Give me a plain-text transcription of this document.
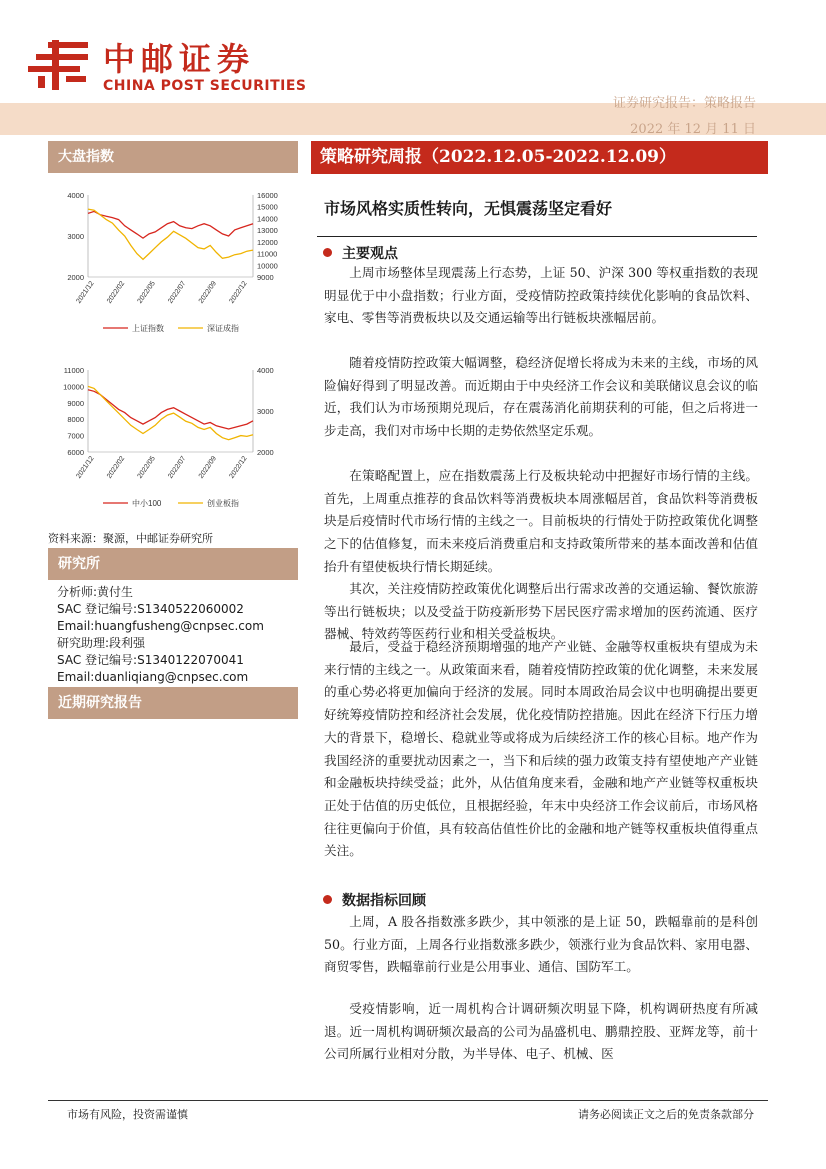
中邮证券
CHINA POST SECURITIES
证券研究报告：策略报告
2022 年 12 月 11 日
大盘指数
4000
3000
2000
16000
15000
14000
13000
12000
11000
10000
9000
2021/12 2022/02 2022/05 2022/07 2022/09 2022/12
上证指数	深证成指
11000
10000
9000
8000
7000
6000
4000
3000
2000
2021/12 2022/02 2022/05 2022/07 2022/09 2022/12
中小100	创业板指
资料来源：聚源，中邮证券研究所
研究所
分析师:黄付生
SAC 登记编号:S1340522060002
Email:huangfusheng@cnpsec.com
研究助理:段利强
SAC 登记编号:S1340122070041
Email:duanliqiang@cnpsec.com
近期研究报告
策略研究周报（2022.12.05-2022.12.09）
市场风格实质性转向，无惧震荡坚定看好
主要观点

上周市场整体呈现震荡上行态势，上证 50、沪深 300 等权重指数的表现明显优于中小盘指数；行业方面，受疫情防控政策持续优化影响的食品饮料、家电、零售等消费板块以及交通运输等出行链板块涨幅居前。

随着疫情防控政策大幅调整，稳经济促增长将成为未来的主线，市场的风险偏好得到了明显改善。而近期由于中央经济工作会议和美联储议息会议的临近，我们认为市场预期兑现后，存在震荡消化前期获利的可能，但之后将进一步走高，我们对市场中长期的走势依然坚定乐观。

在策略配置上，应在指数震荡上行及板块轮动中把握好市场行情的主线。首先，上周重点推荐的食品饮料等消费板块本周涨幅居首，食品饮料等消费板块是后疫情时代市场行情的主线之一。目前板块的行情处于防控政策优化调整之下的估值修复，而未来疫后消费重启和支持政策所带来的基本面改善和估值抬升有望使板块行情长期延续。

其次，关注疫情防控政策优化调整后出行需求改善的交通运输、餐饮旅游等出行链板块；以及受益于防疫新形势下居民医疗需求增加的医药流通、医疗器械、特效药等医药行业和相关受益板块。

最后，受益于稳经济预期增强的地产产业链、金融等权重板块有望成为未来行情的主线之一。从政策面来看，随着疫情防控政策的优化调整，未来发展的重心势必将更加偏向于经济的发展。同时本周政治局会议中也明确提出要更好统筹疫情防控和经济社会发展，优化疫情防控措施。因此在经济下行压力增大的背景下，稳增长、稳就业等或将成为后续经济工作的核心目标。地产作为我国经济的重要扰动因素之一，当下和后续的强力政策支持有望使地产产业链和金融板块持续受益；此外，从估值角度来看，金融和地产产业链等权重板块正处于估值的历史低位，且根据经验，年末中央经济工作会议前后，市场风格往往更偏向于价值，具有较高估值性价比的金融和地产链等权重板块值得重点关注。

数据指标回顾

上周，A 股各指数涨多跌少，其中领涨的是上证 50，跌幅靠前的是科创 50。行业方面，上周各行业指数涨多跌少，领涨行业为食品饮料、家用电器、商贸零售，跌幅靠前行业是公用事业、通信、国防军工。

受疫情影响，近一周机构合计调研频次明显下降，机构调研热度有所减退。近一周机构调研频次最高的公司为晶盛机电、鹏鼎控股、亚辉龙等，前十公司所属行业相对分散，为半导体、电子、机械、医

市场有风险，投资需谨慎	请务必阅读正文之后的免责条款部分
